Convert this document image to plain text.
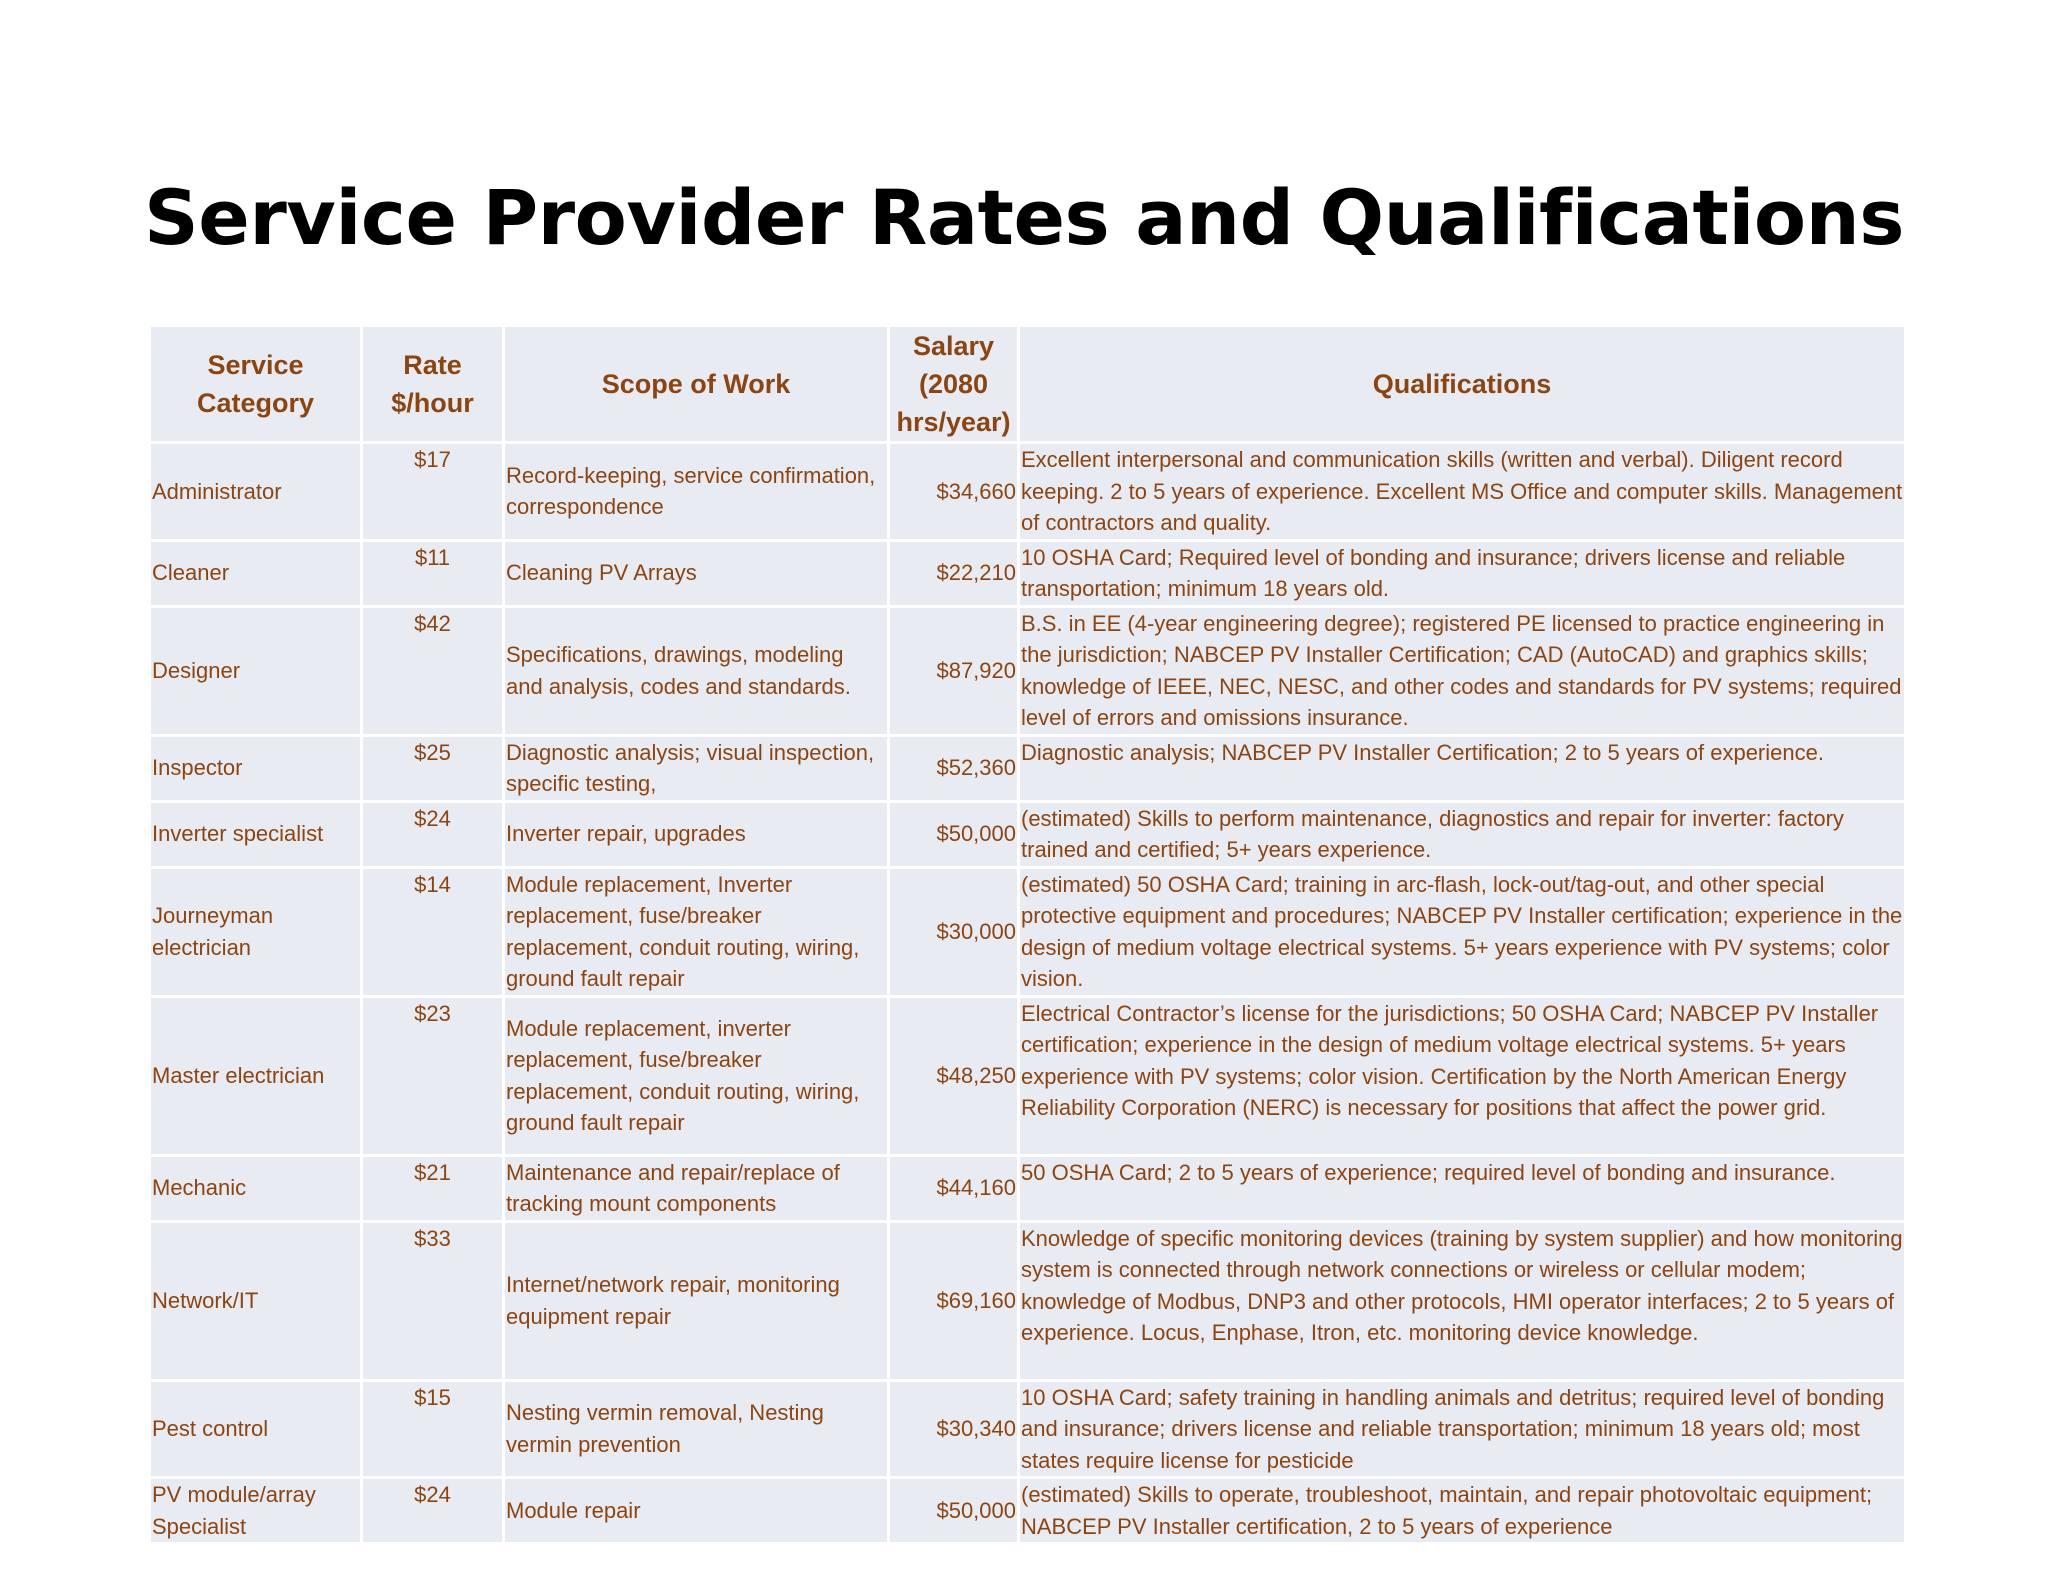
Service Provider Rates and Qualifications
Service Category	Rate $/hour	Scope of Work	Salary (2080 hrs/year)	Qualifications
Administrator	$17	Record-keeping, service confirmation, correspondence	$34,660	Excellent interpersonal and communication skills (written and verbal). Diligent record keeping. 2 to 5 years of experience. Excellent MS Office and computer skills. Management of contractors and quality.
Cleaner	$11	Cleaning PV Arrays	$22,210	10 OSHA Card; Required level of bonding and insurance; drivers license and reliable transportation; minimum 18 years old.
Designer	$42	Specifications, drawings, modeling and analysis, codes and standards.	$87,920	B.S. in EE (4-year engineering degree); registered PE licensed to practice engineering in the jurisdiction; NABCEP PV Installer Certification; CAD (AutoCAD) and graphics skills; knowledge of IEEE, NEC, NESC, and other codes and standards for PV systems; required level of errors and omissions insurance.
Inspector	$25	Diagnostic analysis; visual inspection, specific testing,	$52,360	Diagnostic analysis; NABCEP PV Installer Certification; 2 to 5 years of experience.
Inverter specialist	$24	Inverter repair, upgrades	$50,000	(estimated) Skills to perform maintenance, diagnostics and repair for inverter: factory trained and certified; 5+ years experience.
Journeyman electrician	$14	Module replacement, Inverter replacement, fuse/breaker replacement, conduit routing, wiring, ground fault repair	$30,000	(estimated) 50 OSHA Card; training in arc-flash, lock-out/tag-out, and other special protective equipment and procedures; NABCEP PV Installer certification; experience in the design of medium voltage electrical systems. 5+ years experience with PV systems; color vision.
Master electrician	$23	Module replacement, inverter replacement, fuse/breaker replacement, conduit routing, wiring, ground fault repair	$48,250	Electrical Contractor’s license for the jurisdictions; 50 OSHA Card; NABCEP PV Installer certification; experience in the design of medium voltage electrical systems. 5+ years experience with PV systems; color vision. Certification by the North American Energy Reliability Corporation (NERC) is necessary for positions that affect the power grid.
Mechanic	$21	Maintenance and repair/replace of tracking mount components	$44,160	50 OSHA Card; 2 to 5 years of experience; required level of bonding and insurance.
Network/IT	$33	Internet/network repair, monitoring equipment repair	$69,160	Knowledge of specific monitoring devices (training by system supplier) and how monitoring system is connected through network connections or wireless or cellular modem; knowledge of Modbus, DNP3 and other protocols, HMI operator interfaces; 2 to 5 years of experience. Locus, Enphase, Itron, etc. monitoring device knowledge.
Pest control	$15	Nesting vermin removal, Nesting vermin prevention	$30,340	10 OSHA Card; safety training in handling animals and detritus; required level of bonding and insurance; drivers license and reliable transportation; minimum 18 years old; most states require license for pesticide
PV module/array Specialist	$24	Module repair	$50,000	(estimated) Skills to operate, troubleshoot, maintain, and repair photovoltaic equipment; NABCEP PV Installer certification, 2 to 5 years of experience
